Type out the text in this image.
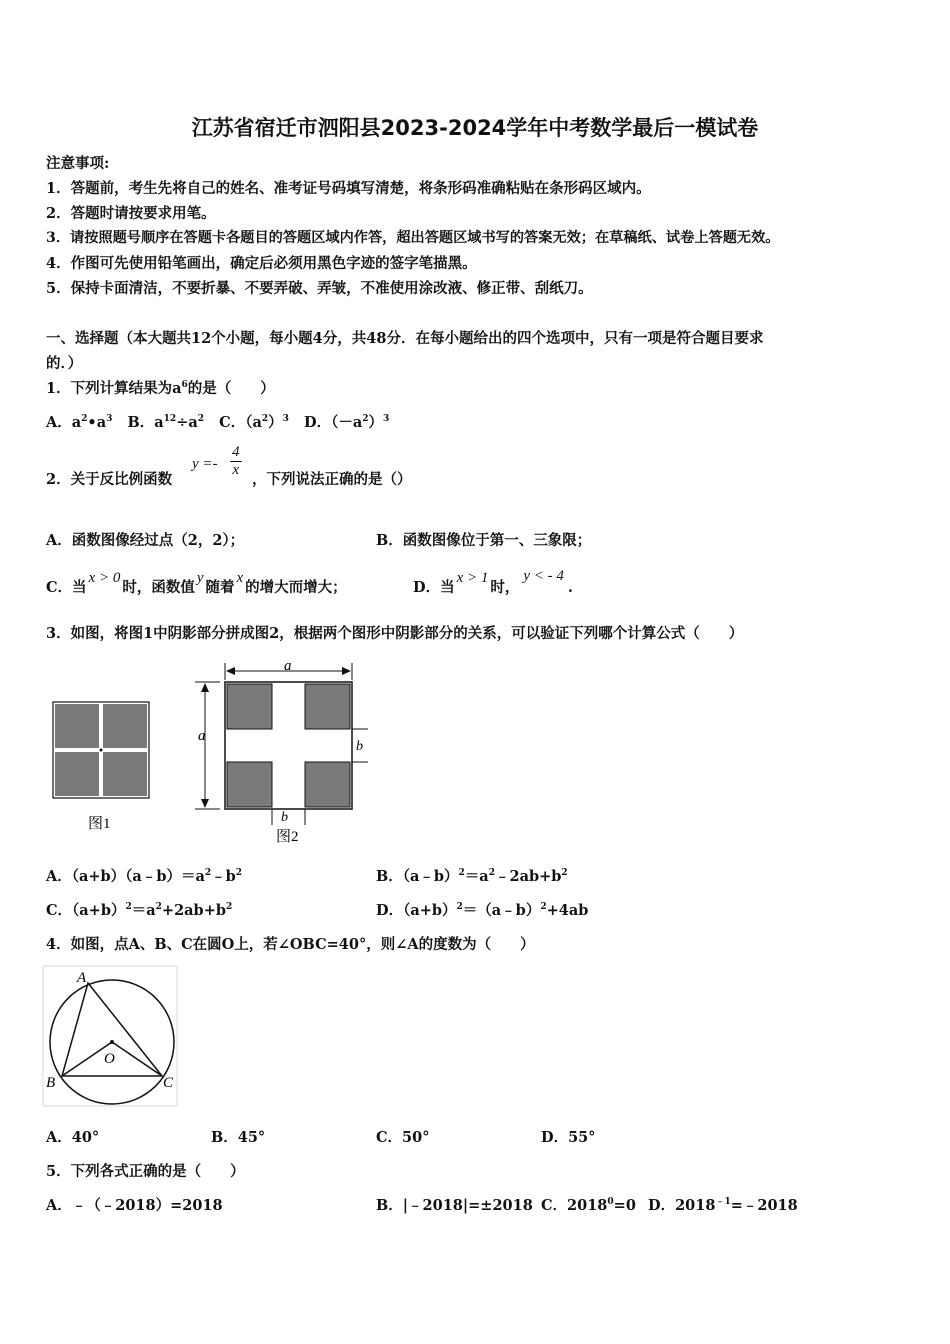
江苏省宿迁市泗阳县2023-2024学年中考数学最后一模试卷
注意事项:
1．答题前，考生先将自己的姓名、准考证号码填写清楚，将条形码准确粘贴在条形码区域内。
2．答题时请按要求用笔。
3．请按照题号顺序在答题卡各题目的答题区域内作答，超出答题区域书写的答案无效；在草稿纸、试卷上答题无效。
4．作图可先使用铅笔画出，确定后必须用黑色字迹的签字笔描黑。
5．保持卡面清洁，不要折暴、不要弄破、弄皱，不准使用涂改液、修正带、刮纸刀。
一、选择题（本大题共12个小题，每小题4分，共48分．在每小题给出的四个选项中，只有一项是符合题目要求
的．）
1．下列计算结果为$a^6$的是（　　）
A．$a^2•a^3$ B．$a^{12}\div a^2$ C．$(a^2)^3$ D．$(-a^2)^3$
2．关于反比例函数
$y =- \frac{4}{x}$
，下列说法正确的是（）
A．函数图像经过点（2，2）；	B．函数图像位于第一、三象限；
C．当x > 0时，函数值y随着x的增大而增大；	D．当x > 1时，y < - 4.
3．如图，将图1中阴影部分拼成图2，根据两个图形中阴影部分的关系，可以验证下列哪个计算公式（　　）
图1
a
a
b
b
图2
A．$(a+b)(a﹣b)=a^2﹣b^2$	B．$(a﹣b)^2=a^2﹣2ab+b^2$
C．$(a+b)^2=a^2+2ab+b^2$	D．$(a+b)^2=(a﹣b)^2+4ab$
4．如图，点A、B、C在圆O上，若∠OBC=40°，则∠A的度数为（　　）
A
B	C
O
A．40°	B．45°	C．50°	D．55°
5．下列各式正确的是（　　）
A．﹣（﹣2018）=2018	B．|﹣2018|=±2018 C．$2018^0=0$ D．$2018^{﹣1}=﹣2018$
